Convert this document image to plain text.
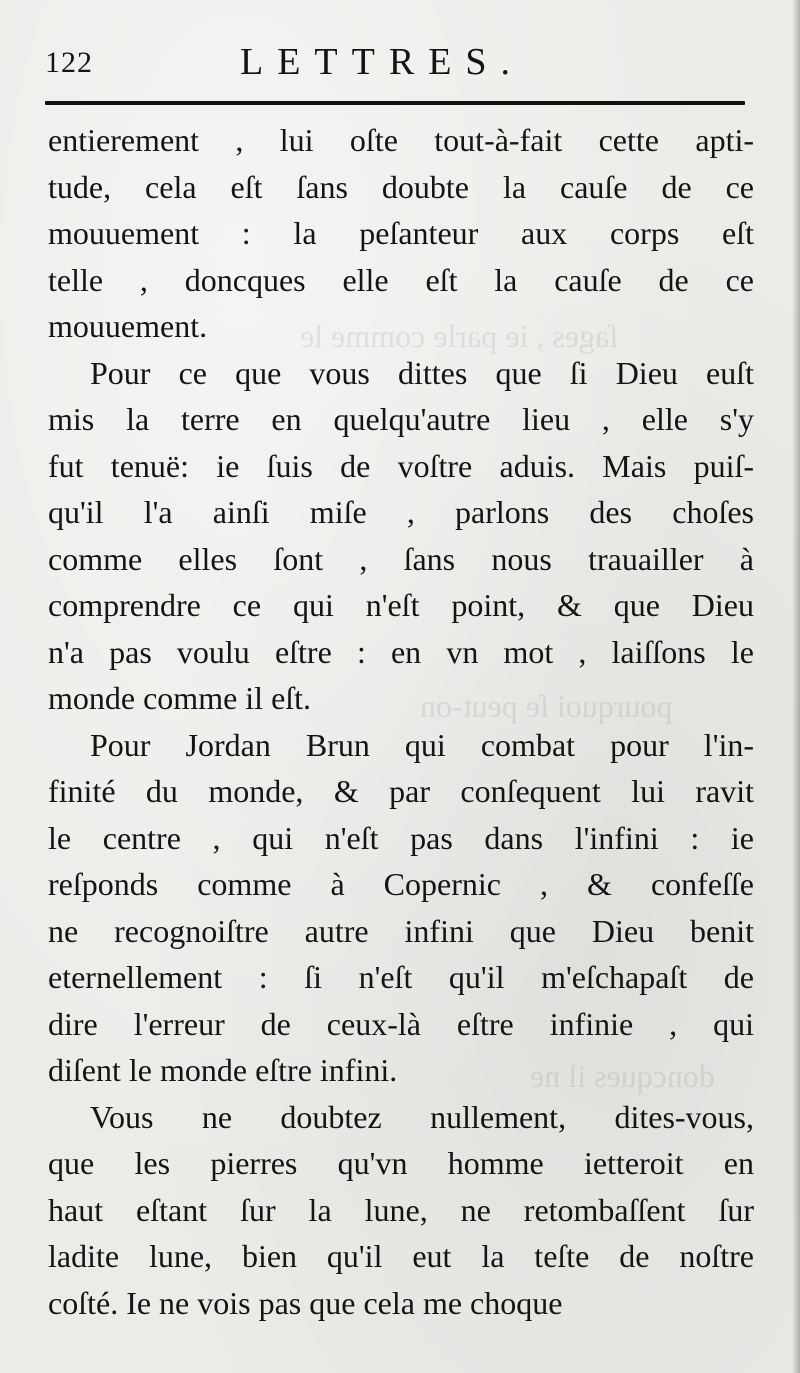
ſages , ie parle comme le
pourquoi ſe peut-on
doncques il ne
122	LETTRES.
entierement , lui oſte tout-à-fait cette apti-
tude, cela eſt ſans doubte la cauſe de ce
mouuement : la peſanteur aux corps eſt
telle , doncques elle eſt la cauſe de ce
mouuement.
Pour ce que vous dittes que ſi Dieu euſt
mis la terre en quelqu'autre lieu , elle s'y
fut tenuë: ie ſuis de voſtre aduis. Mais puiſ-
qu'il l'a ainſi miſe , parlons des choſes
comme elles ſont , ſans nous trauailler à
comprendre ce qui n'eſt point, & que Dieu
n'a pas voulu eſtre : en vn mot , laiſſons le
monde comme il eſt.
Pour Jordan Brun qui combat pour l'in-
finité du monde, & par conſequent lui ravit
le centre , qui n'eſt pas dans l'infini : ie
reſponds comme à Copernic , & confeſſe
ne recognoiſtre autre infini que Dieu benit
eternellement : ſi n'eſt qu'il m'eſchapaſt de
dire l'erreur de ceux-là eſtre infinie , qui
diſent le monde eſtre infini.
Vous ne doubtez nullement, dites-vous,
que les pierres qu'vn homme ietteroit en
haut eſtant ſur la lune, ne retombaſſent ſur
ladite lune, bien qu'il eut la teſte de noſtre
coſté. Ie ne vois pas que cela me choque
